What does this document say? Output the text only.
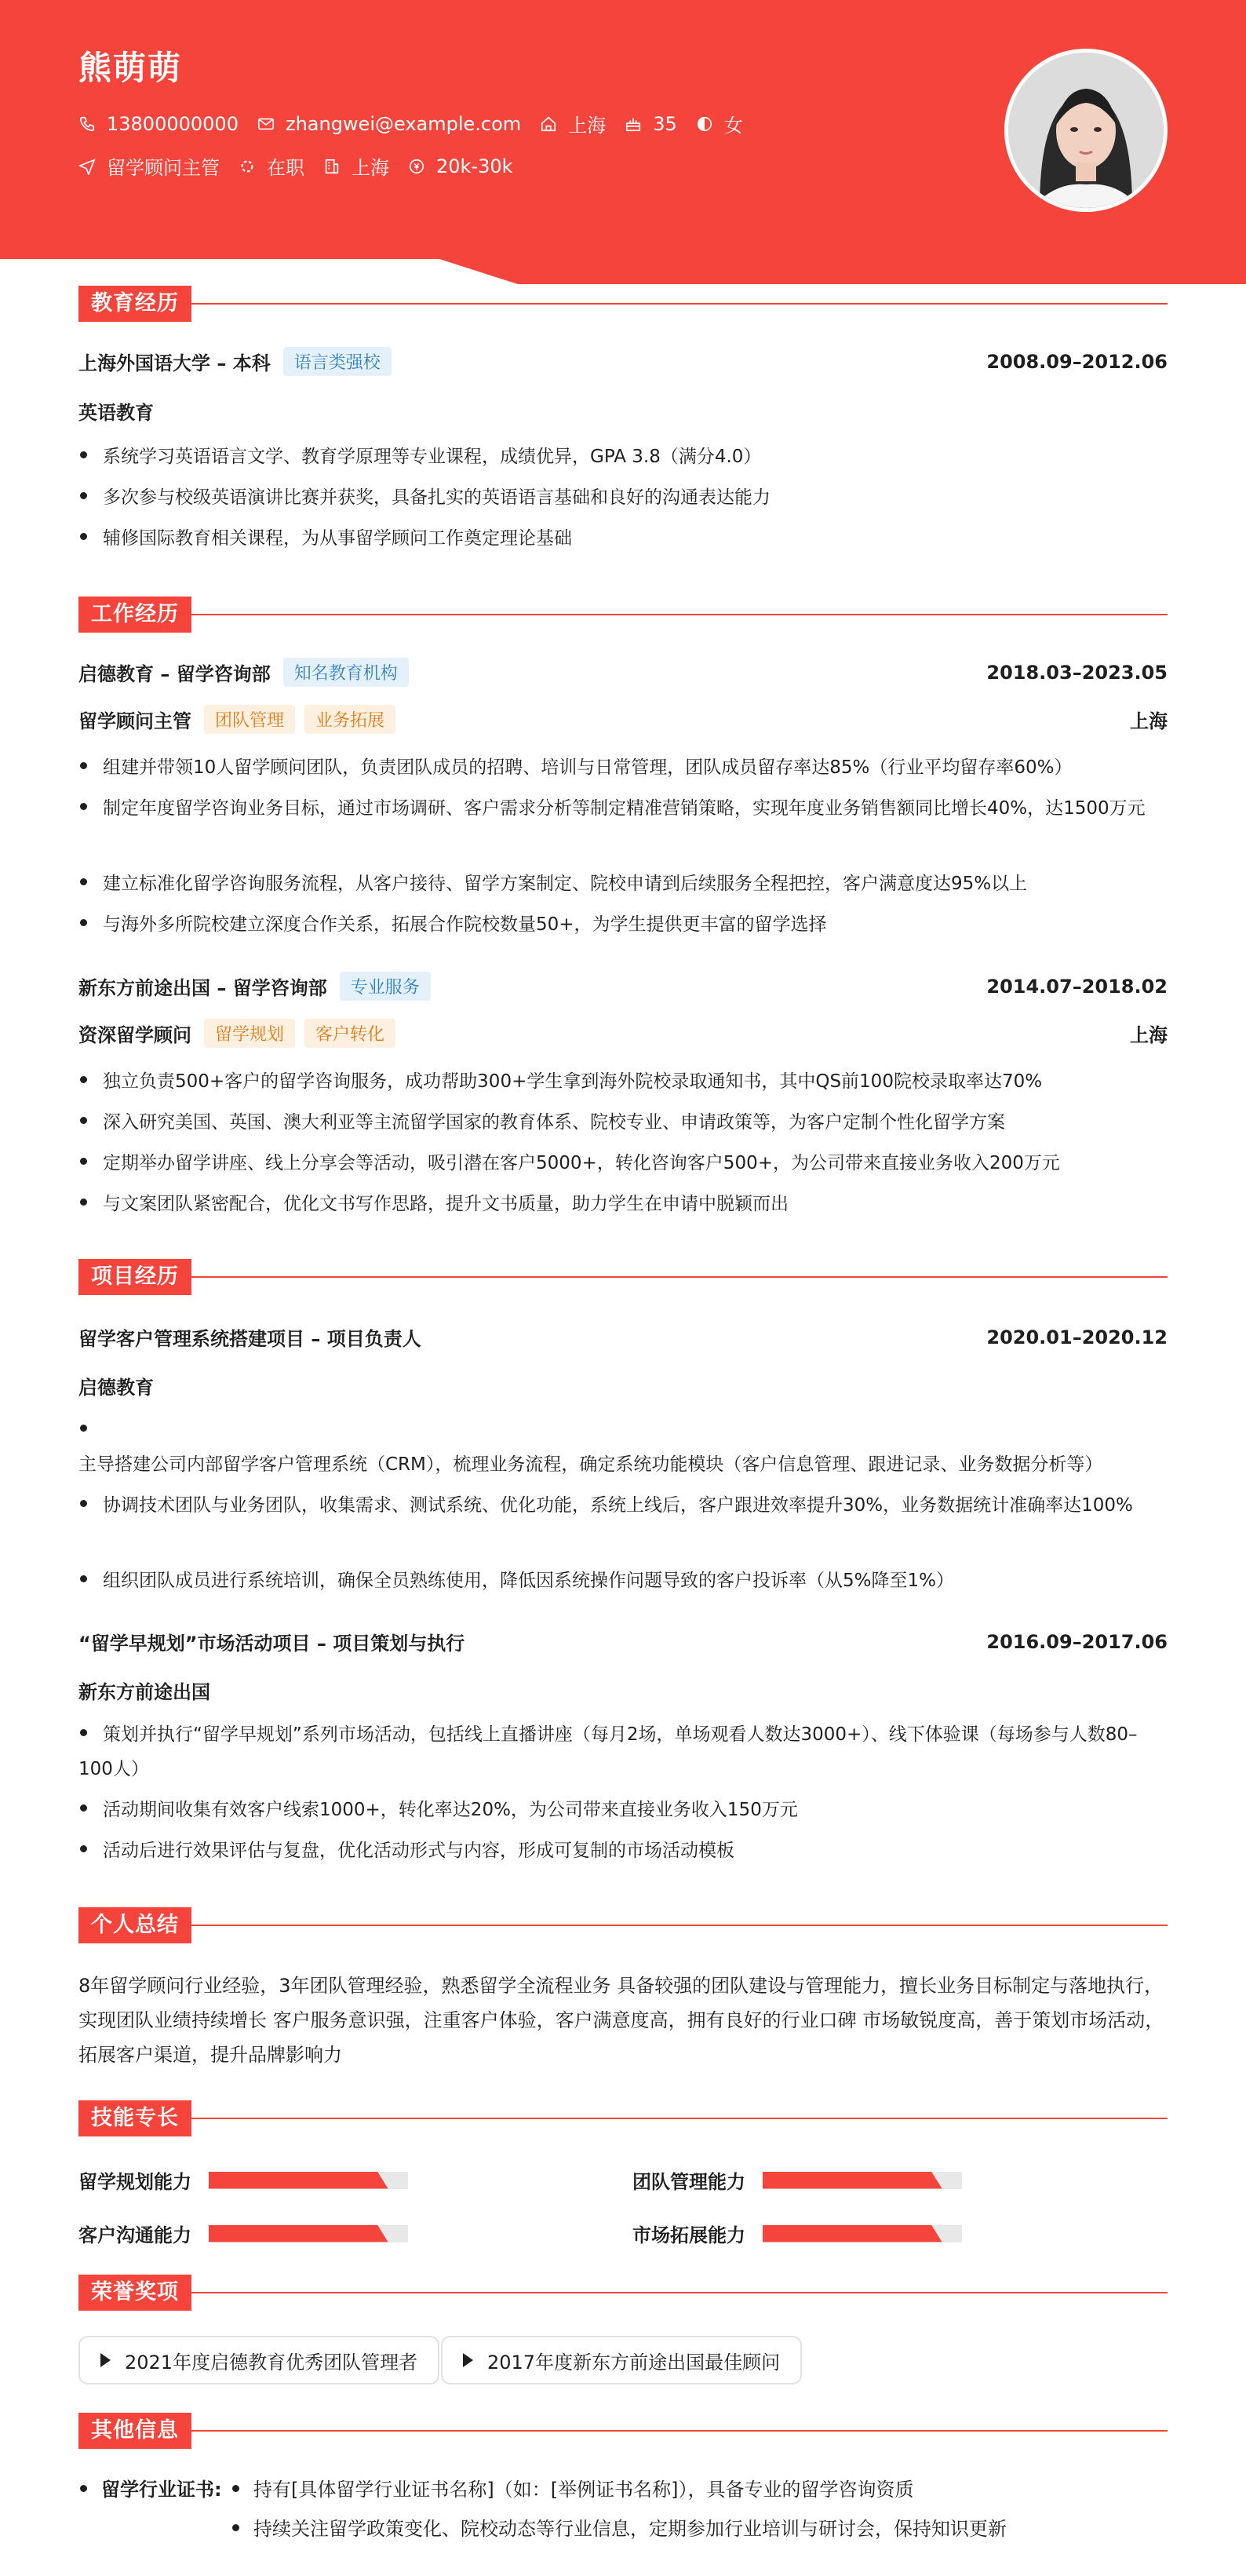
熊萌萌
13800000000	zhangwei@example.com	上海	35	女
留学顾问主管	在职	上海	20k-30k
教育经历
上海外国语大学 – 本科	语言类强校	2008.09–2012.06
英语教育
系统学习英语语言文学、教育学原理等专业课程，成绩优异，GPA 3.8（满分4.0）
多次参与校级英语演讲比赛并获奖，具备扎实的英语语言基础和良好的沟通表达能力
辅修国际教育相关课程，为从事留学顾问工作奠定理论基础
工作经历
启德教育 – 留学咨询部	知名教育机构	2018.03–2023.05
留学顾问主管	团队管理	业务拓展	上海
组建并带领10人留学顾问团队，负责团队成员的招聘、培训与日常管理，团队成员留存率达85%（行业平均留存率60%）
制定年度留学咨询业务目标，通过市场调研、客户需求分析等制定精准营销策略，实现年度业务销售额同比增长40%，达1500万元
建立标准化留学咨询服务流程，从客户接待、留学方案制定、院校申请到后续服务全程把控，客户满意度达95%以上
与海外多所院校建立深度合作关系，拓展合作院校数量50+，为学生提供更丰富的留学选择
新东方前途出国 – 留学咨询部	专业服务	2014.07–2018.02
资深留学顾问	留学规划	客户转化	上海
独立负责500+客户的留学咨询服务，成功帮助300+学生拿到海外院校录取通知书，其中QS前100院校录取率达70%
深入研究美国、英国、澳大利亚等主流留学国家的教育体系、院校专业、申请政策等，为客户定制个性化留学方案
定期举办留学讲座、线上分享会等活动，吸引潜在客户5000+，转化咨询客户500+，为公司带来直接业务收入200万元
与文案团队紧密配合，优化文书写作思路，提升文书质量，助力学生在申请中脱颖而出
项目经历
留学客户管理系统搭建项目 – 项目负责人	2020.01–2020.12
启德教育

主导搭建公司内部留学客户管理系统（CRM），梳理业务流程，确定系统功能模块（客户信息管理、跟进记录、业务数据分析等）
协调技术团队与业务团队，收集需求、测试系统、优化功能，系统上线后，客户跟进效率提升30%，业务数据统计准确率达100%
组织团队成员进行系统培训，确保全员熟练使用，降低因系统操作问题导致的客户投诉率（从5%降至1%）
“留学早规划”市场活动项目 – 项目策划与执行	2016.09–2017.06
新东方前途出国
策划并执行“留学早规划”系列市场活动，包括线上直播讲座（每月2场，单场观看人数达3000+）、线下体验课（每场参与人数80–100人）
活动期间收集有效客户线索1000+，转化率达20%，为公司带来直接业务收入150万元
活动后进行效果评估与复盘，优化活动形式与内容，形成可复制的市场活动模板
个人总结
8年留学顾问行业经验，3年团队管理经验，熟悉留学全流程业务 具备较强的团队建设与管理能力，擅长业务目标制定与落地执行，
实现团队业绩持续增长 客户服务意识强，注重客户体验，客户满意度高，拥有良好的行业口碑 市场敏锐度高，善于策划市场活动，
拓展客户渠道，提升品牌影响力
技能专长
留学规划能力	团队管理能力
客户沟通能力	市场拓展能力
荣誉奖项
2021年度启德教育优秀团队管理者	2017年度新东方前途出国最佳顾问
其他信息
留学行业证书:	持有[具体留学行业证书名称]（如：[举例证书名称]），具备专业的留学咨询资质
持续关注留学政策变化、院校动态等行业信息，定期参加行业培训与研讨会，保持知识更新
